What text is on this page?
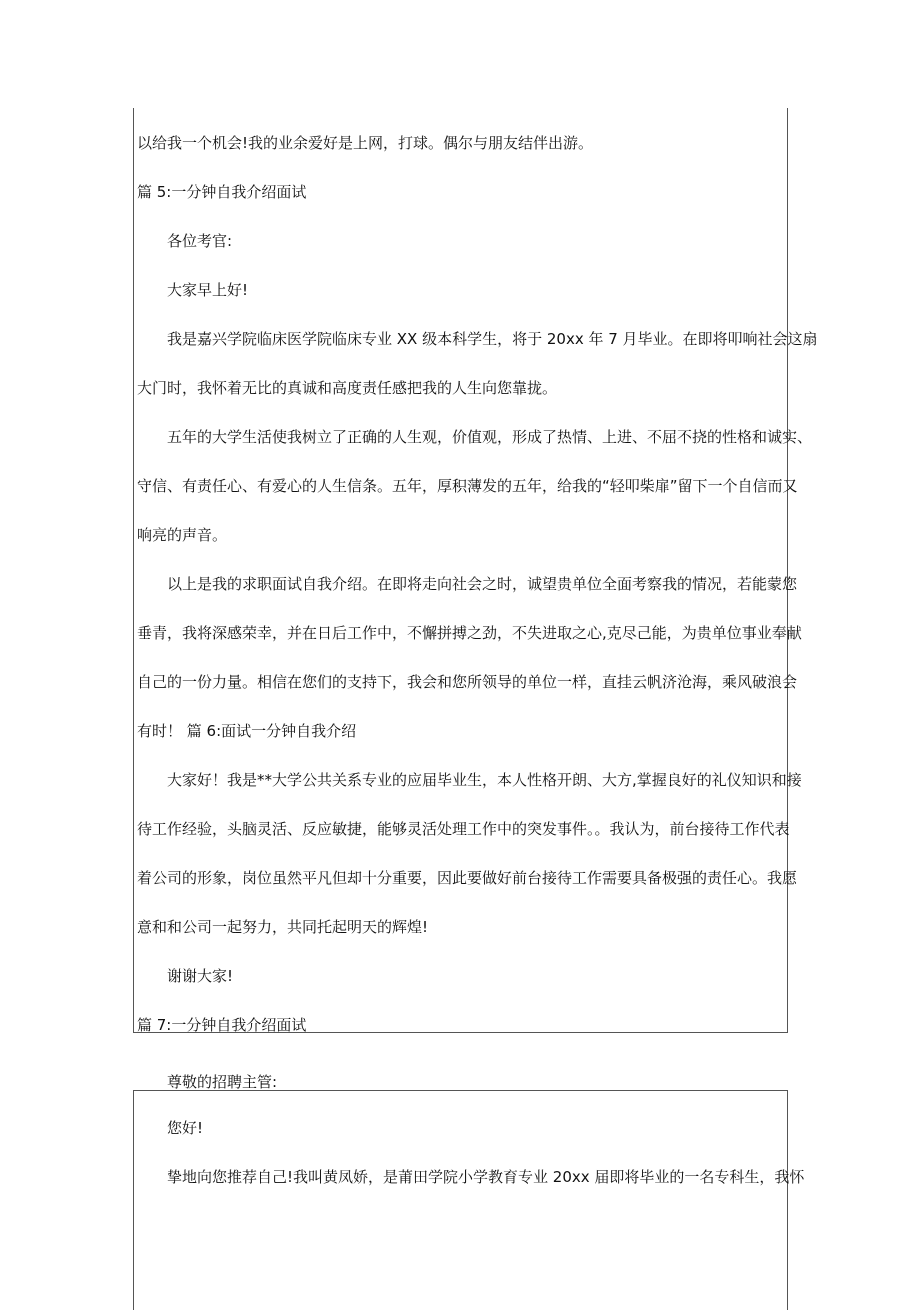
以给我一个机会!我的业余爱好是上网，打球。偶尔与朋友结伴出游。
篇 5:一分钟自我介绍面试
各位考官:
大家早上好!
我是嘉兴学院临床医学院临床专业 XX 级本科学生，将于 20xx 年 7 月毕业。在即将叩响社会这扇
大门时，我怀着无比的真诚和高度责任感把我的人生向您靠拢。
五年的大学生活使我树立了正确的人生观，价值观，形成了热情、上进、不屈不挠的性格和诚实、
守信、有责任心、有爱心的人生信条。五年，厚积薄发的五年，给我的“轻叩柴扉”留下一个自信而又
响亮的声音。
以上是我的求职面试自我介绍。在即将走向社会之时，诚望贵单位全面考察我的情况，若能蒙您
垂青，我将深感荣幸，并在日后工作中，不懈拼搏之劲，不失进取之心,克尽己能，为贵单位事业奉献
自己的一份力量。相信在您们的支持下，我会和您所领导的单位一样，直挂云帆济沧海，乘风破浪会
有时！ 篇 6:面试一分钟自我介绍
大家好！我是**大学公共关系专业的应届毕业生，本人性格开朗、大方,掌握良好的礼仪知识和接
待工作经验，头脑灵活、反应敏捷，能够灵活处理工作中的突发事件。。我认为，前台接待工作代表
着公司的形象，岗位虽然平凡但却十分重要，因此要做好前台接待工作需要具备极强的责任心。我愿
意和和公司一起努力，共同托起明天的辉煌!
谢谢大家!
篇 7:一分钟自我介绍面试
尊敬的招聘主管:
您好!
挚地向您推荐自己!我叫黄凤娇，是莆田学院小学教育专业 20xx 届即将毕业的一名专科生，我怀
